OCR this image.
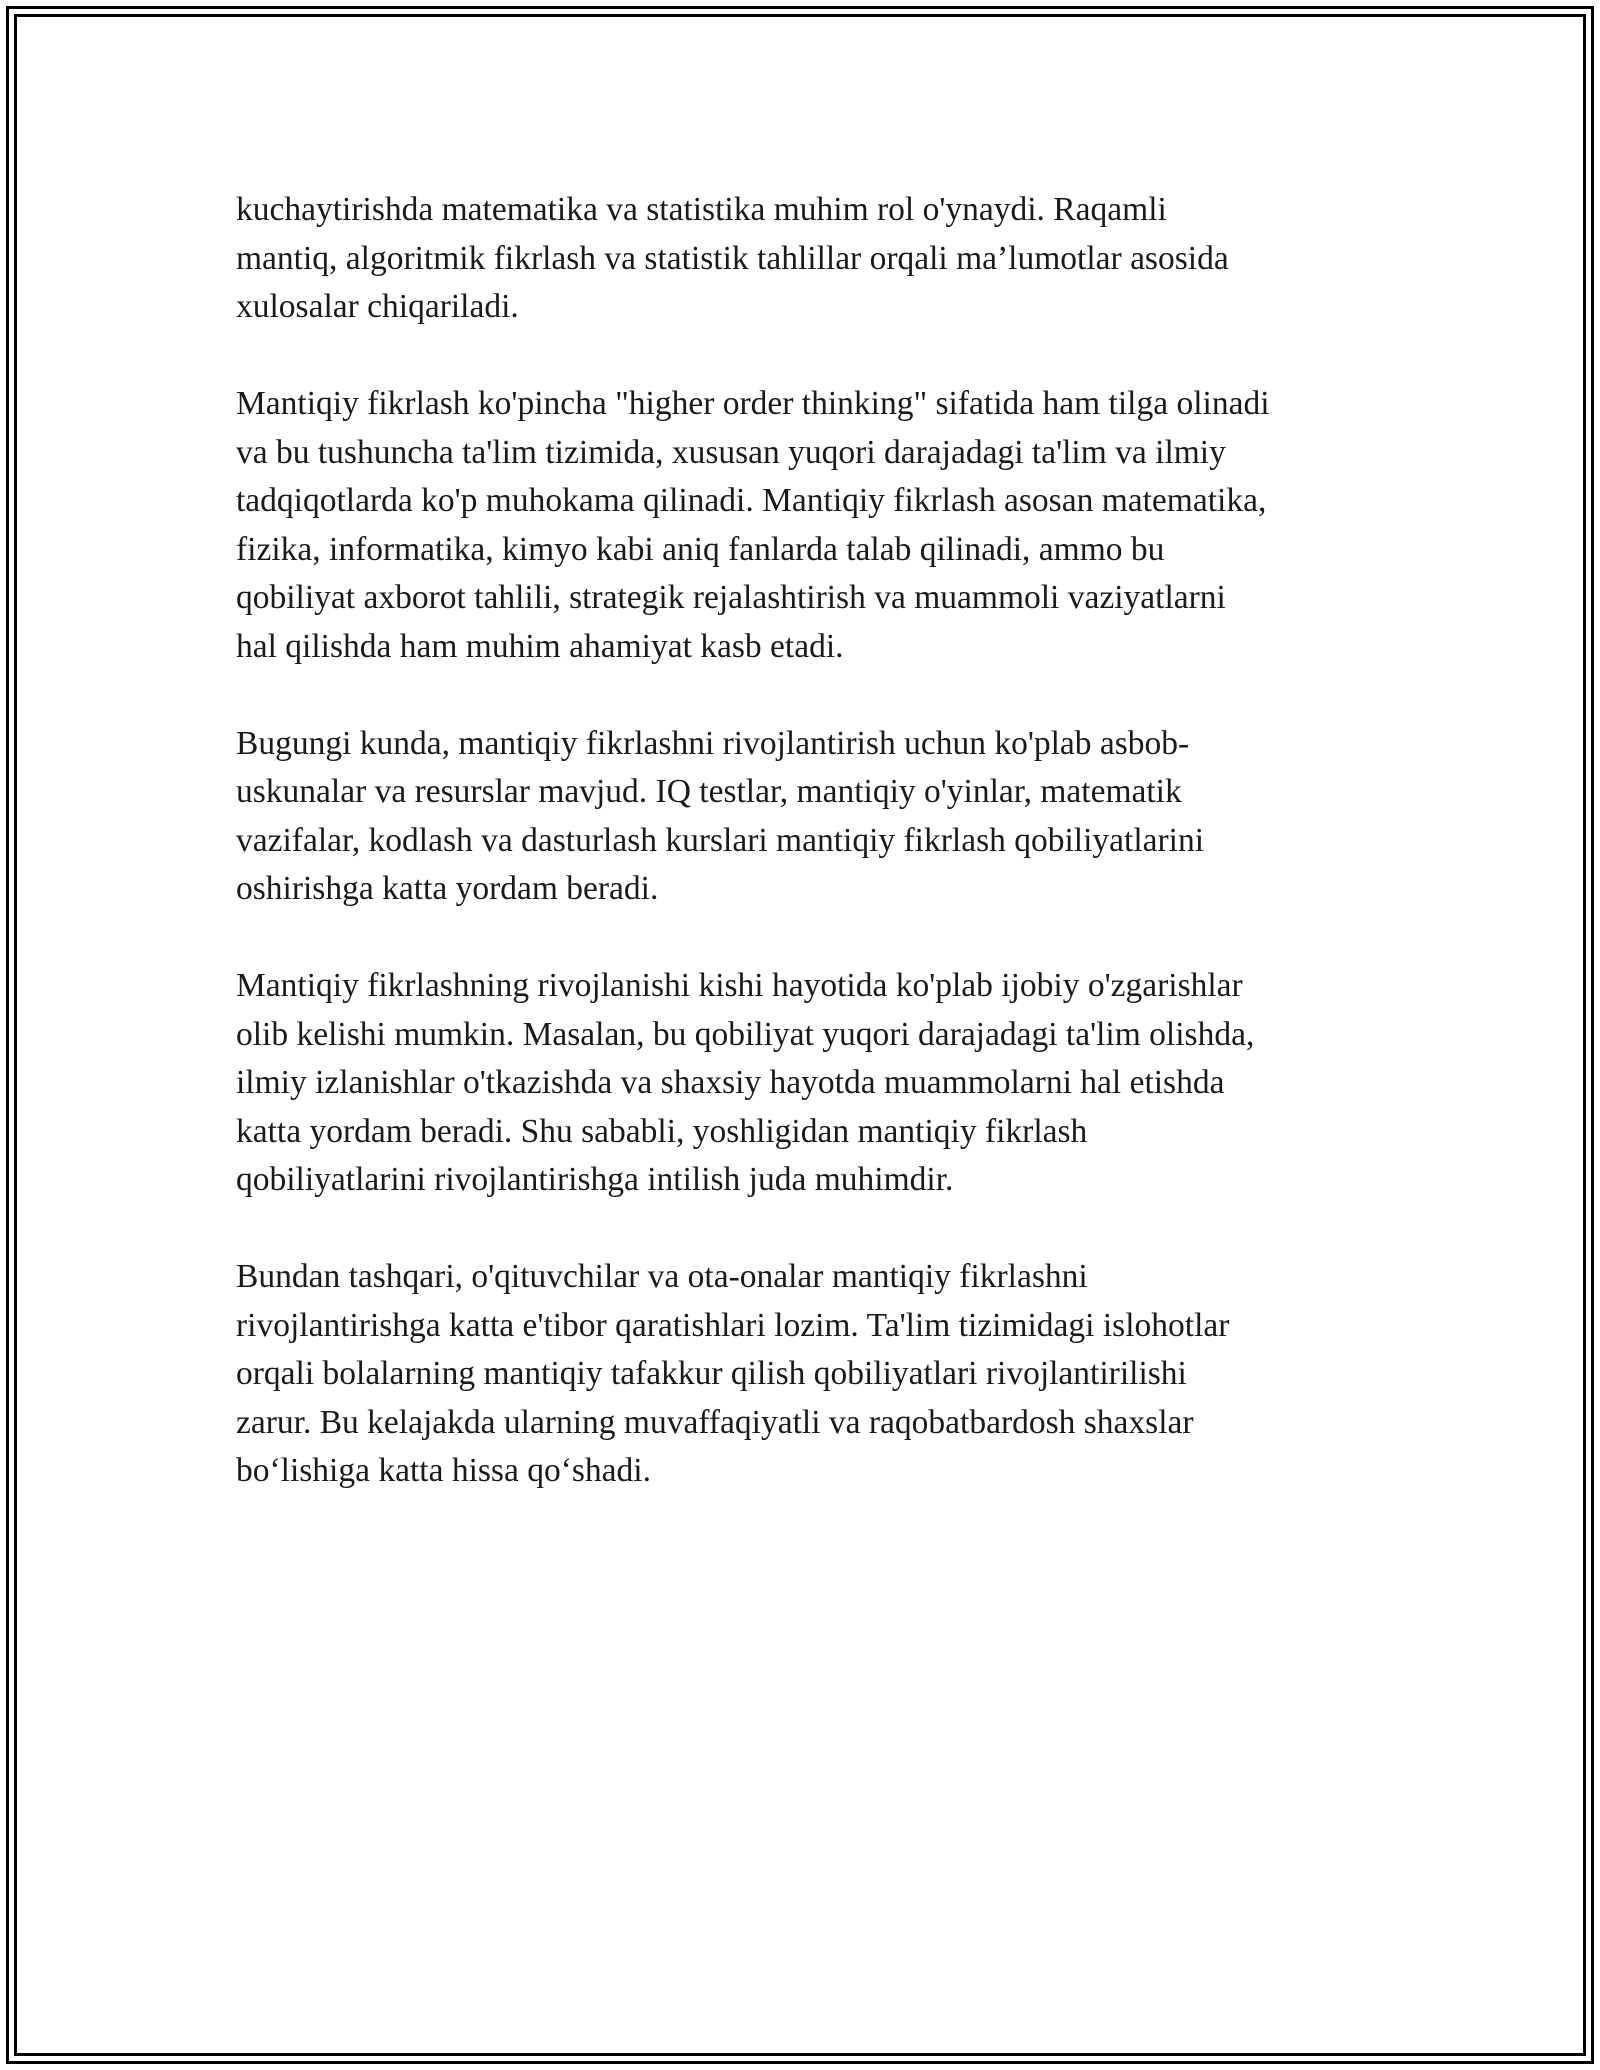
kuchaytirishda matematika va statistika muhim rol o'ynaydi. Raqamli
mantiq, algoritmik fikrlash va statistik tahlillar orqali ma’lumotlar asosida
xulosalar chiqariladi.

Mantiqiy fikrlash ko'pincha "higher order thinking" sifatida ham tilga olinadi
va bu tushuncha ta'lim tizimida, xususan yuqori darajadagi ta'lim va ilmiy
tadqiqotlarda ko'p muhokama qilinadi. Mantiqiy fikrlash asosan matematika,
fizika, informatika, kimyo kabi aniq fanlarda talab qilinadi, ammo bu
qobiliyat axborot tahlili, strategik rejalashtirish va muammoli vaziyatlarni
hal qilishda ham muhim ahamiyat kasb etadi.

Bugungi kunda, mantiqiy fikrlashni rivojlantirish uchun ko'plab asbob-
uskunalar va resurslar mavjud. IQ testlar, mantiqiy o'yinlar, matematik
vazifalar, kodlash va dasturlash kurslari mantiqiy fikrlash qobiliyatlarini
oshirishga katta yordam beradi.

Mantiqiy fikrlashning rivojlanishi kishi hayotida ko'plab ijobiy o'zgarishlar
olib kelishi mumkin. Masalan, bu qobiliyat yuqori darajadagi ta'lim olishda,
ilmiy izlanishlar o'tkazishda va shaxsiy hayotda muammolarni hal etishda
katta yordam beradi. Shu sababli, yoshligidan mantiqiy fikrlash
qobiliyatlarini rivojlantirishga intilish juda muhimdir.

Bundan tashqari, o'qituvchilar va ota-onalar mantiqiy fikrlashni
rivojlantirishga katta e'tibor qaratishlari lozim. Ta'lim tizimidagi islohotlar
orqali bolalarning mantiqiy tafakkur qilish qobiliyatlari rivojlantirilishi
zarur. Bu kelajakda ularning muvaffaqiyatli va raqobatbardosh shaxslar
bo‘lishiga katta hissa qo‘shadi.
